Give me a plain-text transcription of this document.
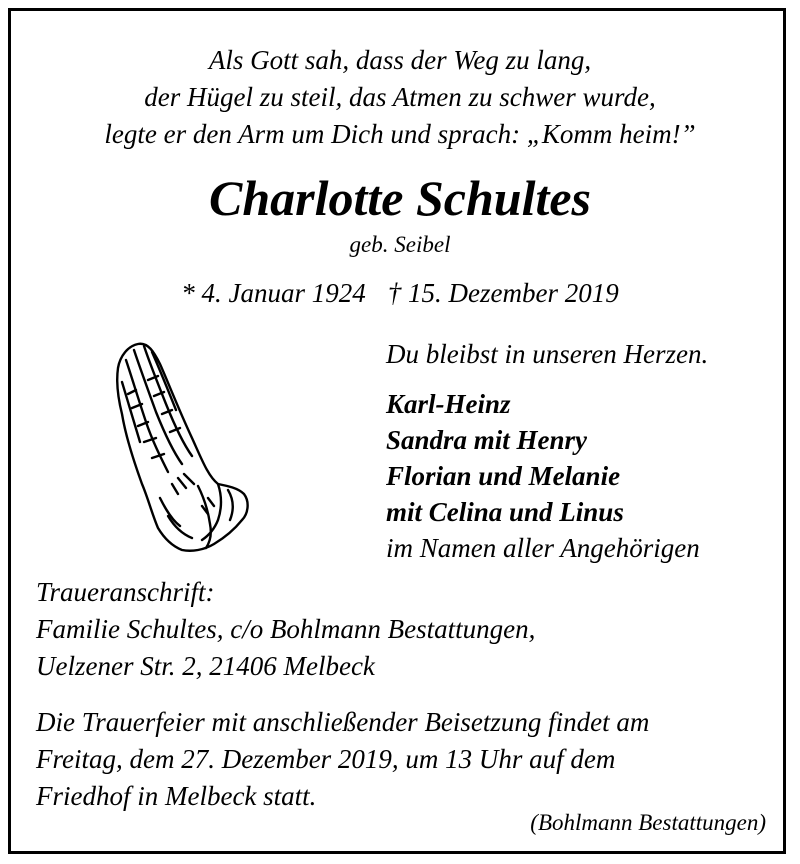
Als Gott sah, dass der Weg zu lang,
der Hügel zu steil, das Atmen zu schwer wurde,
legte er den Arm um Dich und sprach: „Komm heim!”
Charlotte Schultes
geb. Seibel
* 4. Januar 1924 † 15. Dezember 2019
Du bleibst in unseren Herzen.
Karl-Heinz
Sandra mit Henry
Florian und Melanie
mit Celina und Linus
im Namen aller Angehörigen
Traueranschrift:
Familie Schultes, c/o Bohlmann Bestattungen,
Uelzener Str. 2, 21406 Melbeck
Die Trauerfeier mit anschließender Beisetzung findet am
Freitag, dem 27. Dezember 2019, um 13 Uhr auf dem
Friedhof in Melbeck statt.
(Bohlmann Bestattungen)
